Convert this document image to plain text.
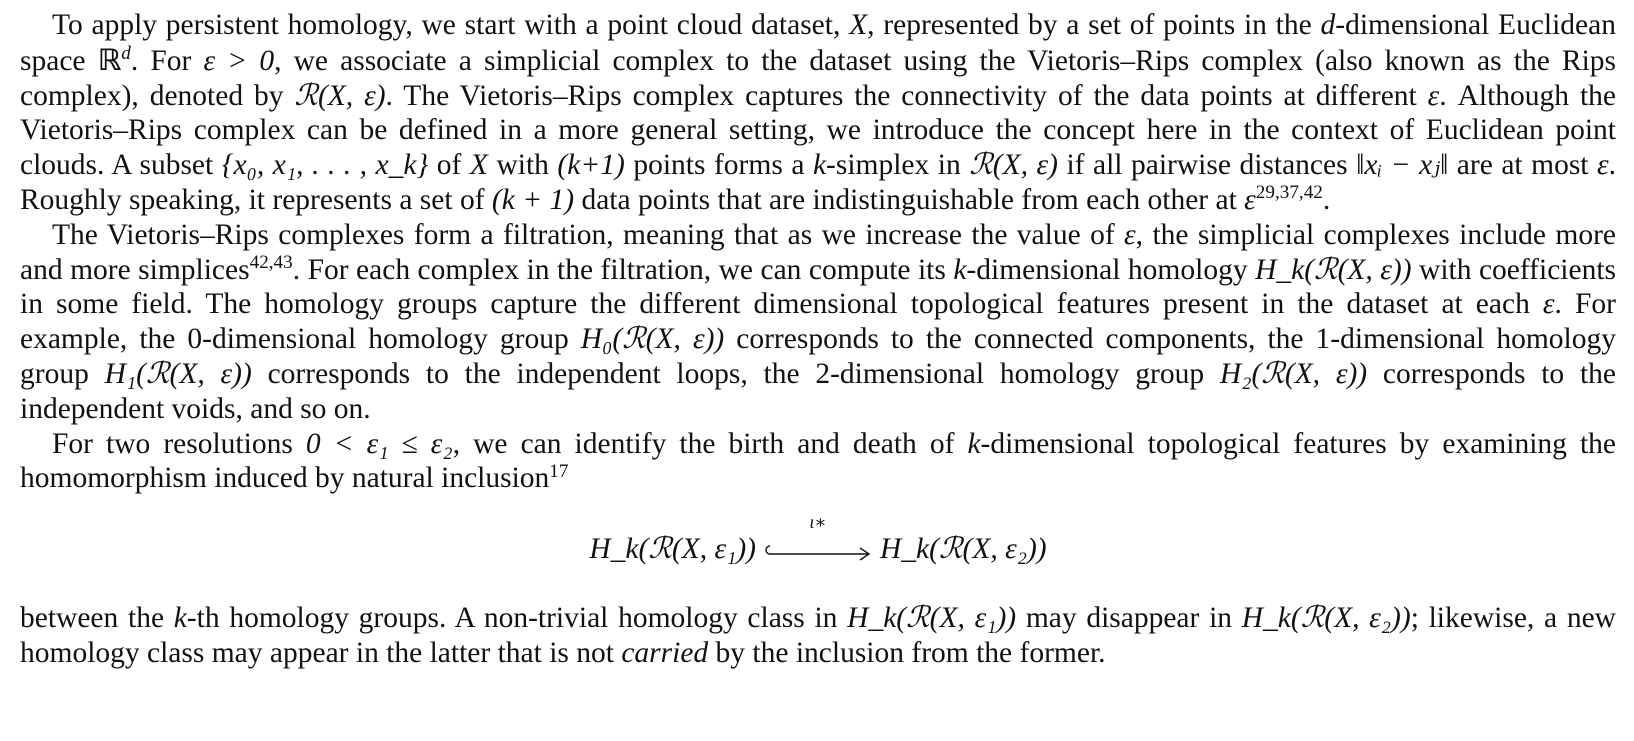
To apply persistent homology, we start with a point cloud dataset, X, represented by a set of points in the d-dimensional Euclidean space ℝ$^d$. For ε > 0, we associate a simplicial complex to the dataset using the Vietoris–Rips complex (also known as the Rips complex), denoted by ℛ(X, ε). The Vietoris–Rips complex captures the connectivity of the data points at different ε. Although the Vietoris–Rips complex can be defined in a more general setting, we introduce the concept here in the context of Euclidean point clouds. A subset {x₀, x₁, . . . , x_k} of X with (k+1) points forms a k-simplex in ℛ(X, ε) if all pairwise distances ‖xᵢ − xⱼ‖ are at most ε. Roughly speaking, it represents a set of (k + 1) data points that are indistinguishable from each other at $\varepsilon^{29,37,42}$.

The Vietoris–Rips complexes form a filtration, meaning that as we increase the value of ε, the simplicial complexes include more and more simplices$^{42,43}$. For each complex in the filtration, we can compute its k-dimensional homology H_k(ℛ(X, ε)) with coefficients in some field. The homology groups capture the different dimensional topological features present in the dataset at each ε. For example, the 0-dimensional homology group H₀(ℛ(X, ε)) corresponds to the connected components, the 1-dimensional homology group H₁(ℛ(X, ε)) corresponds to the independent loops, the 2-dimensional homology group H₂(ℛ(X, ε)) corresponds to the independent voids, and so on.

For two resolutions 0 < ε₁ ≤ ε₂, we can identify the birth and death of k-dimensional topological features by examining the homomorphism induced by natural inclusion$^{17}$

H_k(ℛ(X, ε₁))
ι∗
H_k(ℛ(X, ε₂))

between the k-th homology groups. A non-trivial homology class in H_k(ℛ(X, ε₁)) may disappear in H_k(ℛ(X, ε₂)); likewise, a new homology class may appear in the latter that is not carried by the inclusion from the former.
